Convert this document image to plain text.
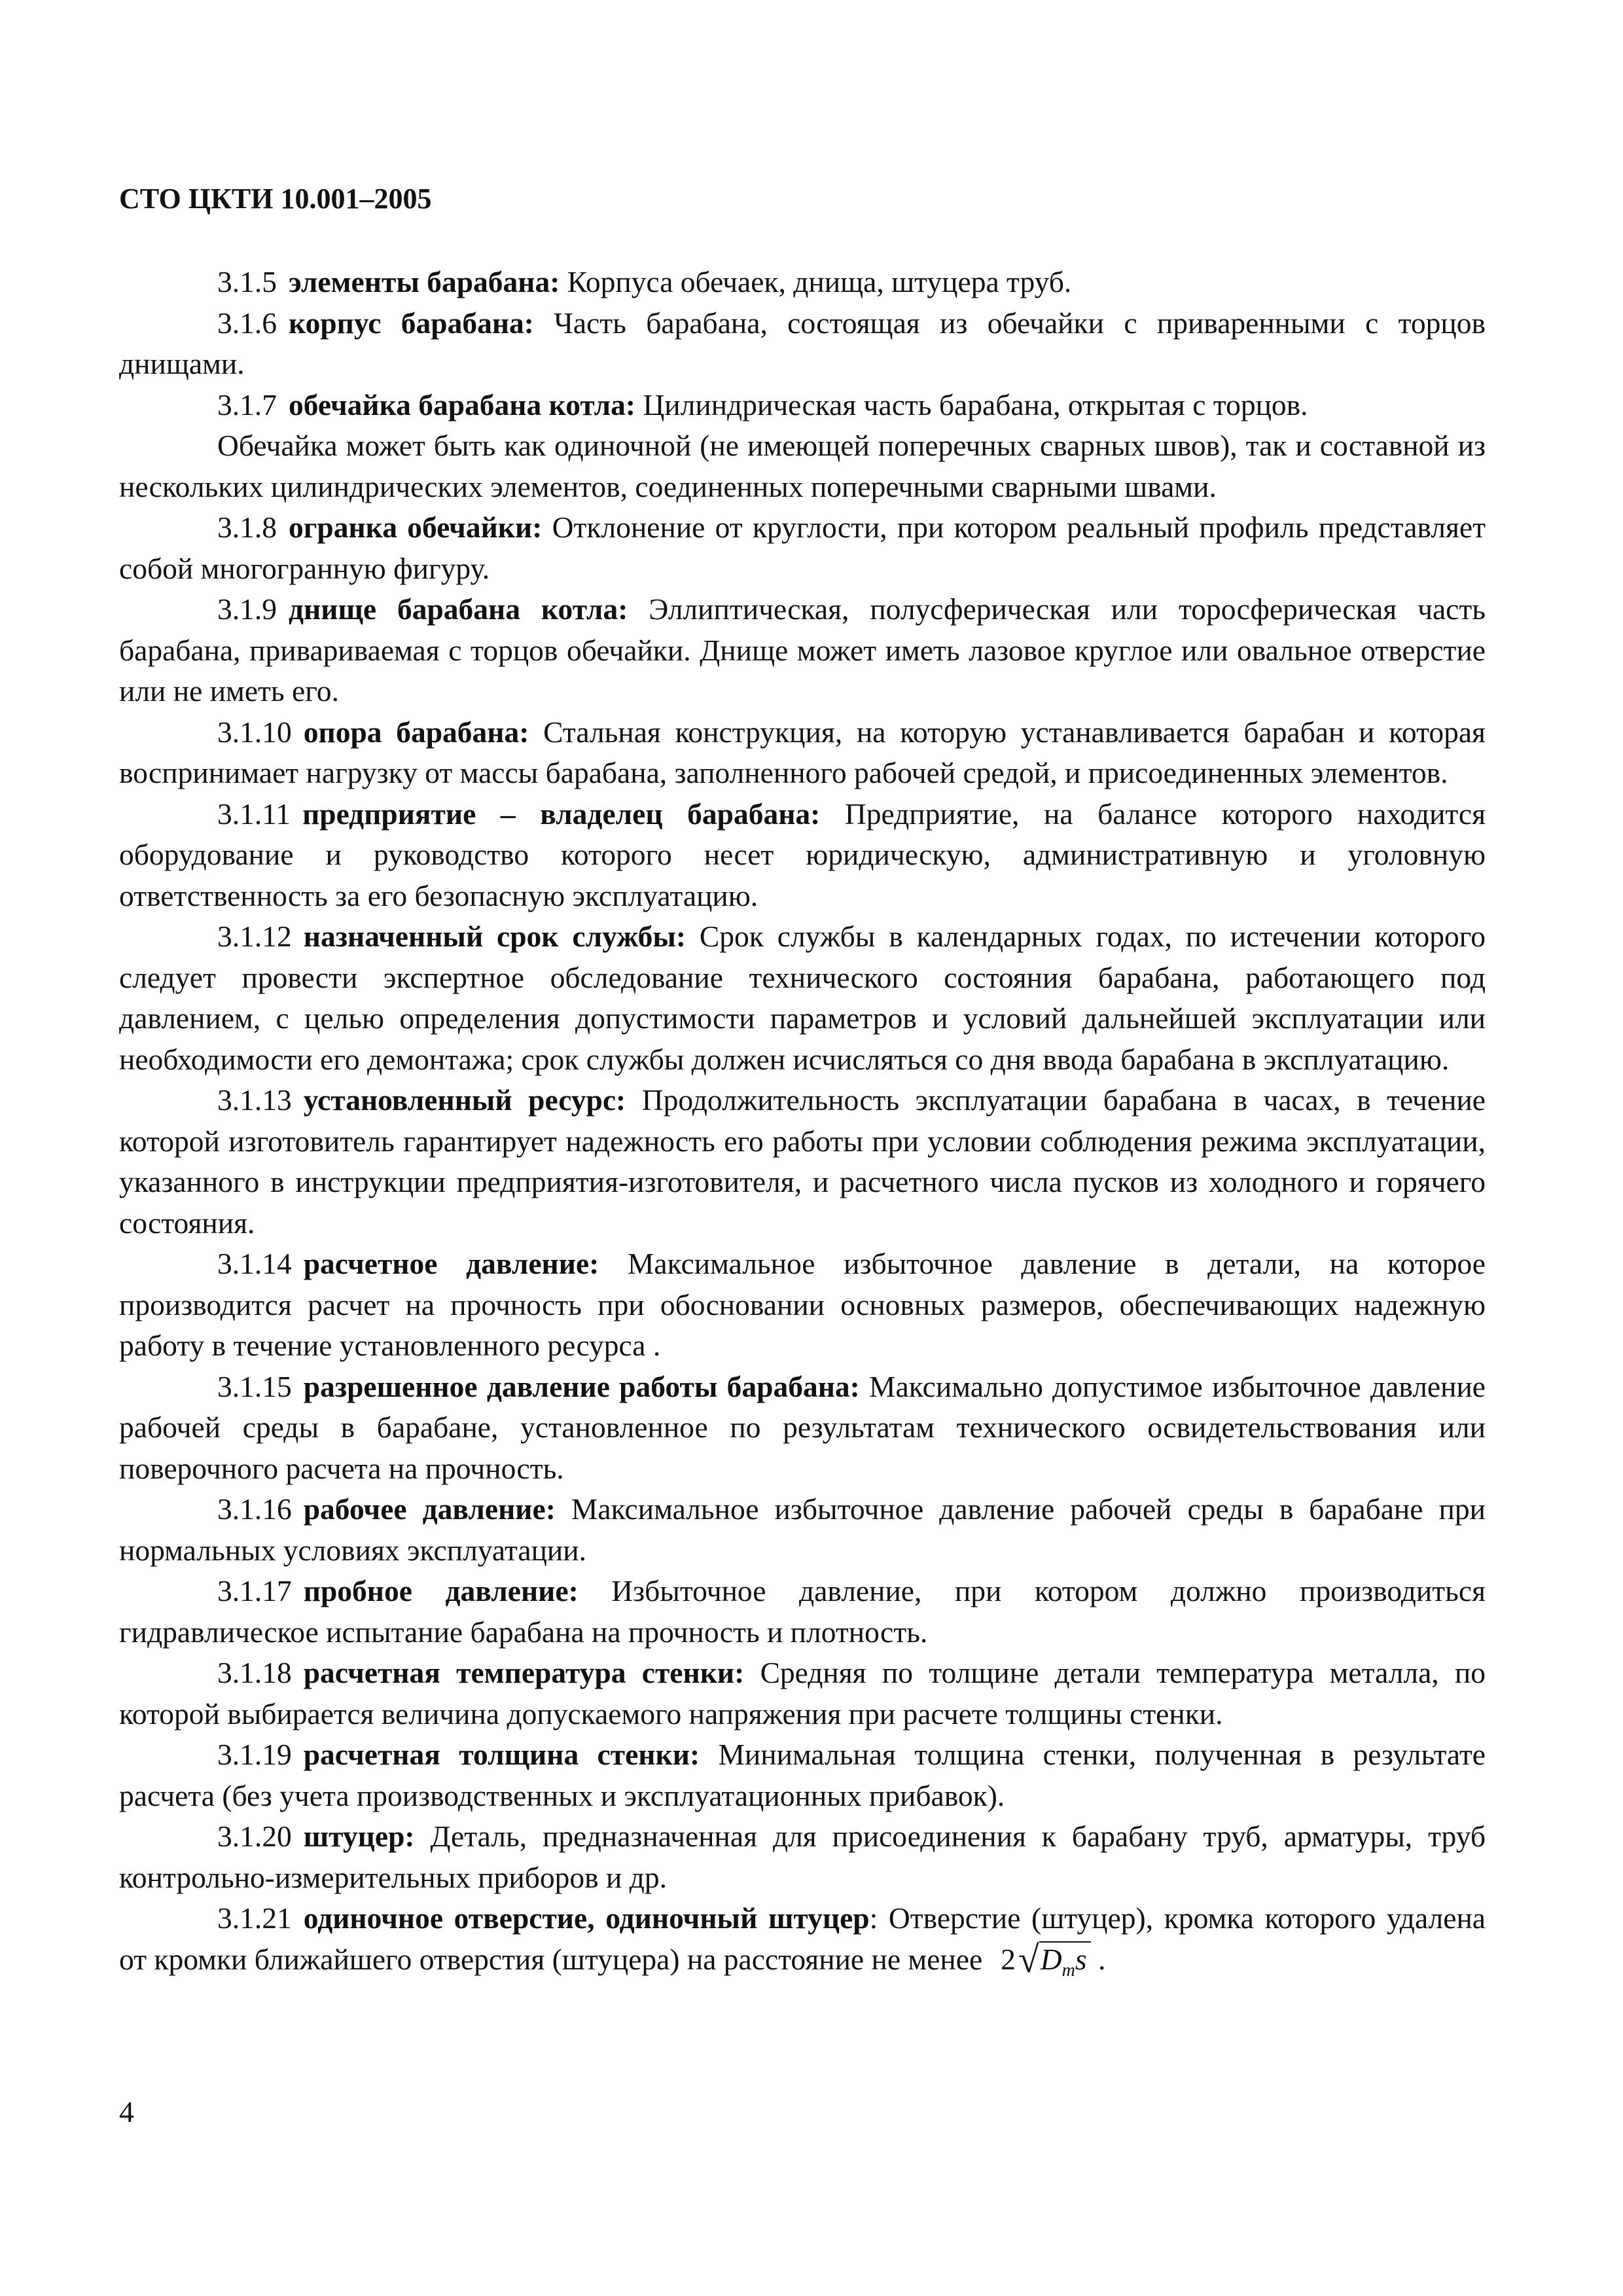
СТО ЦКТИ 10.001–2005

3.1.5 элементы барабана: Корпуса обечаек, днища, штуцера труб.

3.1.6 корпус барабана: Часть барабана, состоящая из обечайки с приваренными с торцов днищами.

3.1.7 обечайка барабана котла: Цилиндрическая часть барабана, открытая с торцов.

Обечайка может быть как одиночной (не имеющей поперечных сварных швов), так и составной из нескольких цилиндрических элементов, соединенных поперечными сварными швами.

3.1.8 огранка обечайки: Отклонение от круглости, при котором реальный профиль представляет собой многогранную фигуру.

3.1.9 днище барабана котла: Эллиптическая, полусферическая или торосферическая часть барабана, привариваемая с торцов обечайки. Днище может иметь лазовое круглое или овальное отверстие или не иметь его.

3.1.10 опора барабана: Стальная конструкция, на которую устанавливается барабан и которая воспринимает нагрузку от массы барабана, заполненного рабочей средой, и присоединенных элементов.

3.1.11 предприятие – владелец барабана: Предприятие, на балансе которого находится оборудование и руководство которого несет юридическую, административную и уголовную ответственность за его безопасную эксплуатацию.

3.1.12 назначенный срок службы: Срок службы в календарных годах, по истечении которого следует провести экспертное обследование технического состояния барабана, работающего под давлением, с целью определения допустимости параметров и условий дальнейшей эксплуатации или необходимости его демонтажа; срок службы должен исчисляться со дня ввода барабана в эксплуатацию.

3.1.13 установленный ресурс: Продолжительность эксплуатации барабана в часах, в течение которой изготовитель гарантирует надежность его работы при условии соблюдения режима эксплуатации, указанного в инструкции предприятия-изготовителя, и расчетного числа пусков из холодного и горячего состояния.

3.1.14 расчетное давление: Максимальное избыточное давление в детали, на которое производится расчет на прочность при обосновании основных размеров, обеспечивающих надежную работу в течение установленного ресурса .

3.1.15 разрешенное давление работы барабана: Максимально допустимое избыточное давление рабочей среды в барабане, установленное по результатам технического освидетельствования или поверочного расчета на прочность.

3.1.16 рабочее давление: Максимальное избыточное давление рабочей среды в барабане при нормальных условиях эксплуатации.

3.1.17 пробное давление: Избыточное давление, при котором должно производиться гидравлическое испытание барабана на прочность и плотность.

3.1.18 расчетная температура стенки: Средняя по толщине детали температура металла, по которой выбирается величина допускаемого напряжения при расчете толщины стенки.

3.1.19 расчетная толщина стенки: Минимальная толщина стенки, полученная в результате расчета (без учета производственных и эксплуатационных прибавок).

3.1.20 штуцер: Деталь, предназначенная для присоединения к барабану труб, арматуры, труб контрольно-измерительных приборов и др.

3.1.21 одиночное отверстие, одиночный штуцер: Отверстие (штуцер), кромка которого удалена от кромки ближайшего отверстия (штуцера) на расстояние не менее $2√D_ms$ .

4
